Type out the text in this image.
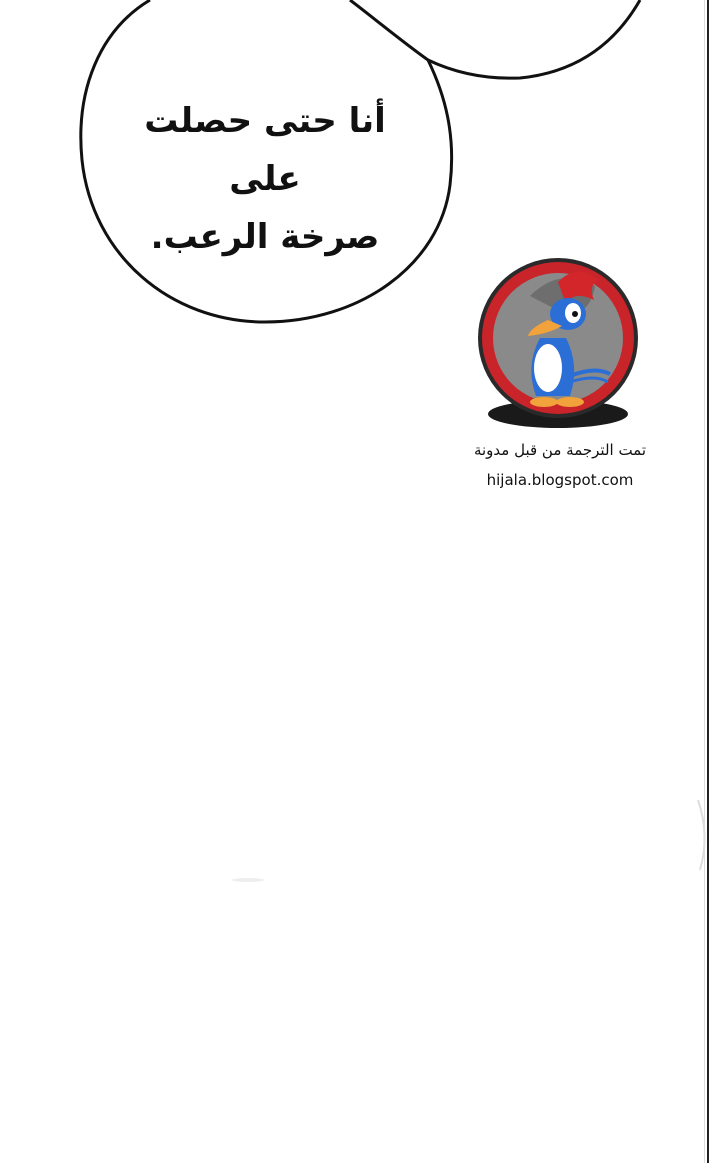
أنا حتى حصلت على
صرخة الرعب.
تمت الترجمة من قبل مدونة
hijala.blogspot.com
